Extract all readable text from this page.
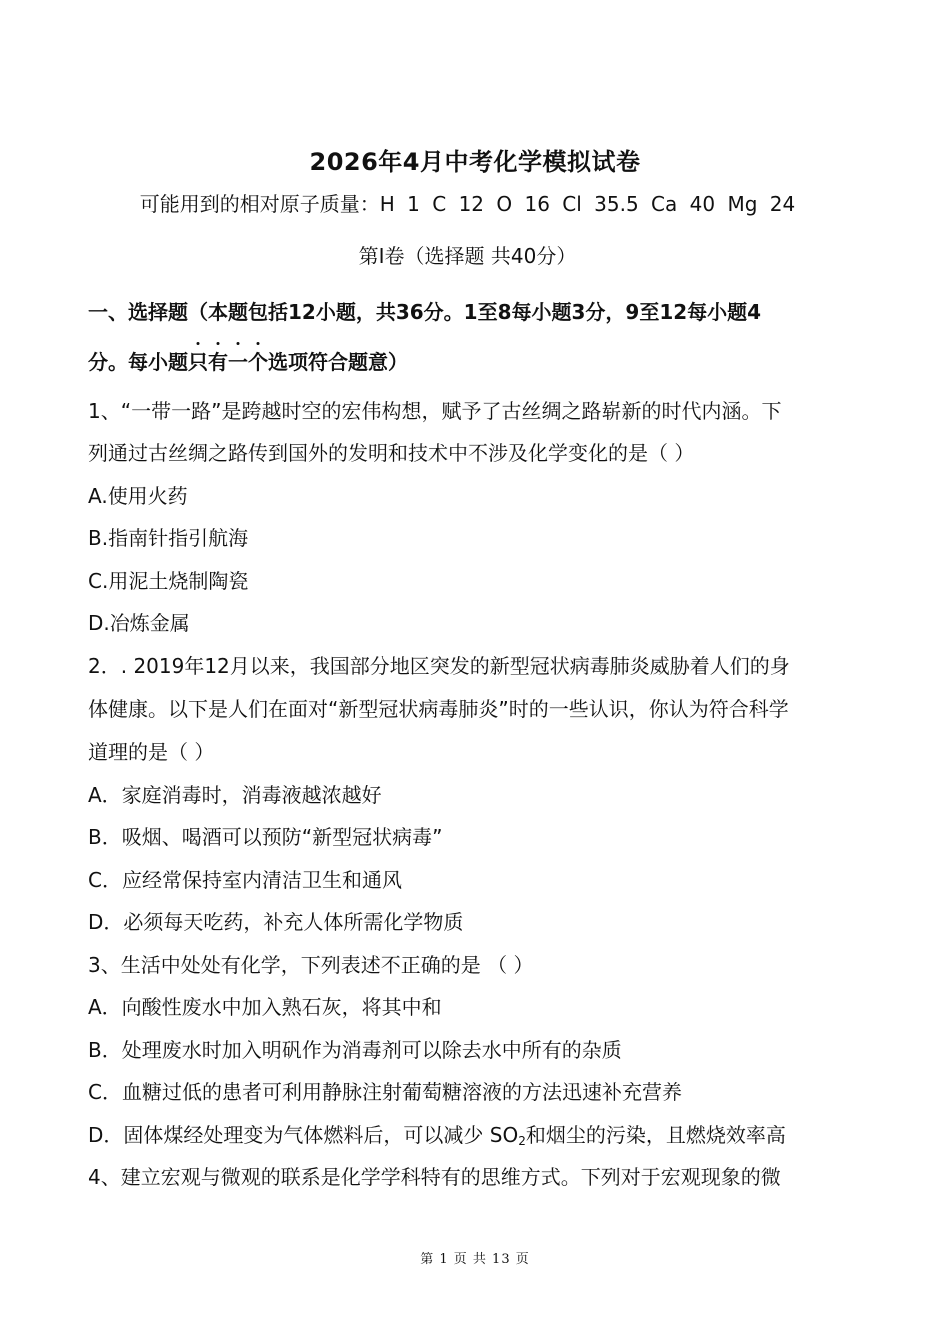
2026年4月中考化学模拟试卷
可能用到的相对原子质量：H 1 C 12 O 16 Cl 35.5 Ca 40 Mg 24
第Ⅰ卷（选择题 共40分）
一、选择题（本题包括12小题，共36分。1至8每小题3分，9至12每小题4
分。每小题只有一个选项符合题意）
1、“一带一路”是跨越时空的宏伟构想，赋予了古丝绸之路崭新的时代内涵。下
列通过古丝绸之路传到国外的发明和技术中不涉及化学变化的是（ ）
A.使用火药
B.指南针指引航海
C.用泥土烧制陶瓷
D.冶炼金属
2．. 2019年12月以来，我国部分地区突发的新型冠状病毒肺炎威胁着人们的身
体健康。以下是人们在面对“新型冠状病毒肺炎”时的一些认识，你认为符合科学
道理的是（ ）
A．家庭消毒时，消毒液越浓越好
B．吸烟、喝酒可以预防“新型冠状病毒”
C．应经常保持室内清洁卫生和通风
D．必须每天吃药，补充人体所需化学物质
3、生活中处处有化学，下列表述不正确的是 （ ）
A．向酸性废水中加入熟石灰，将其中和
B．处理废水时加入明矾作为消毒剂可以除去水中所有的杂质
C．血糖过低的患者可利用静脉注射葡萄糖溶液的方法迅速补充营养
D．固体煤经处理变为气体燃料后，可以减少 $SO_2$和烟尘的污染，且燃烧效率高
4、建立宏观与微观的联系是化学学科特有的思维方式。下列对于宏观现象的微
第 1 页 共 13 页
